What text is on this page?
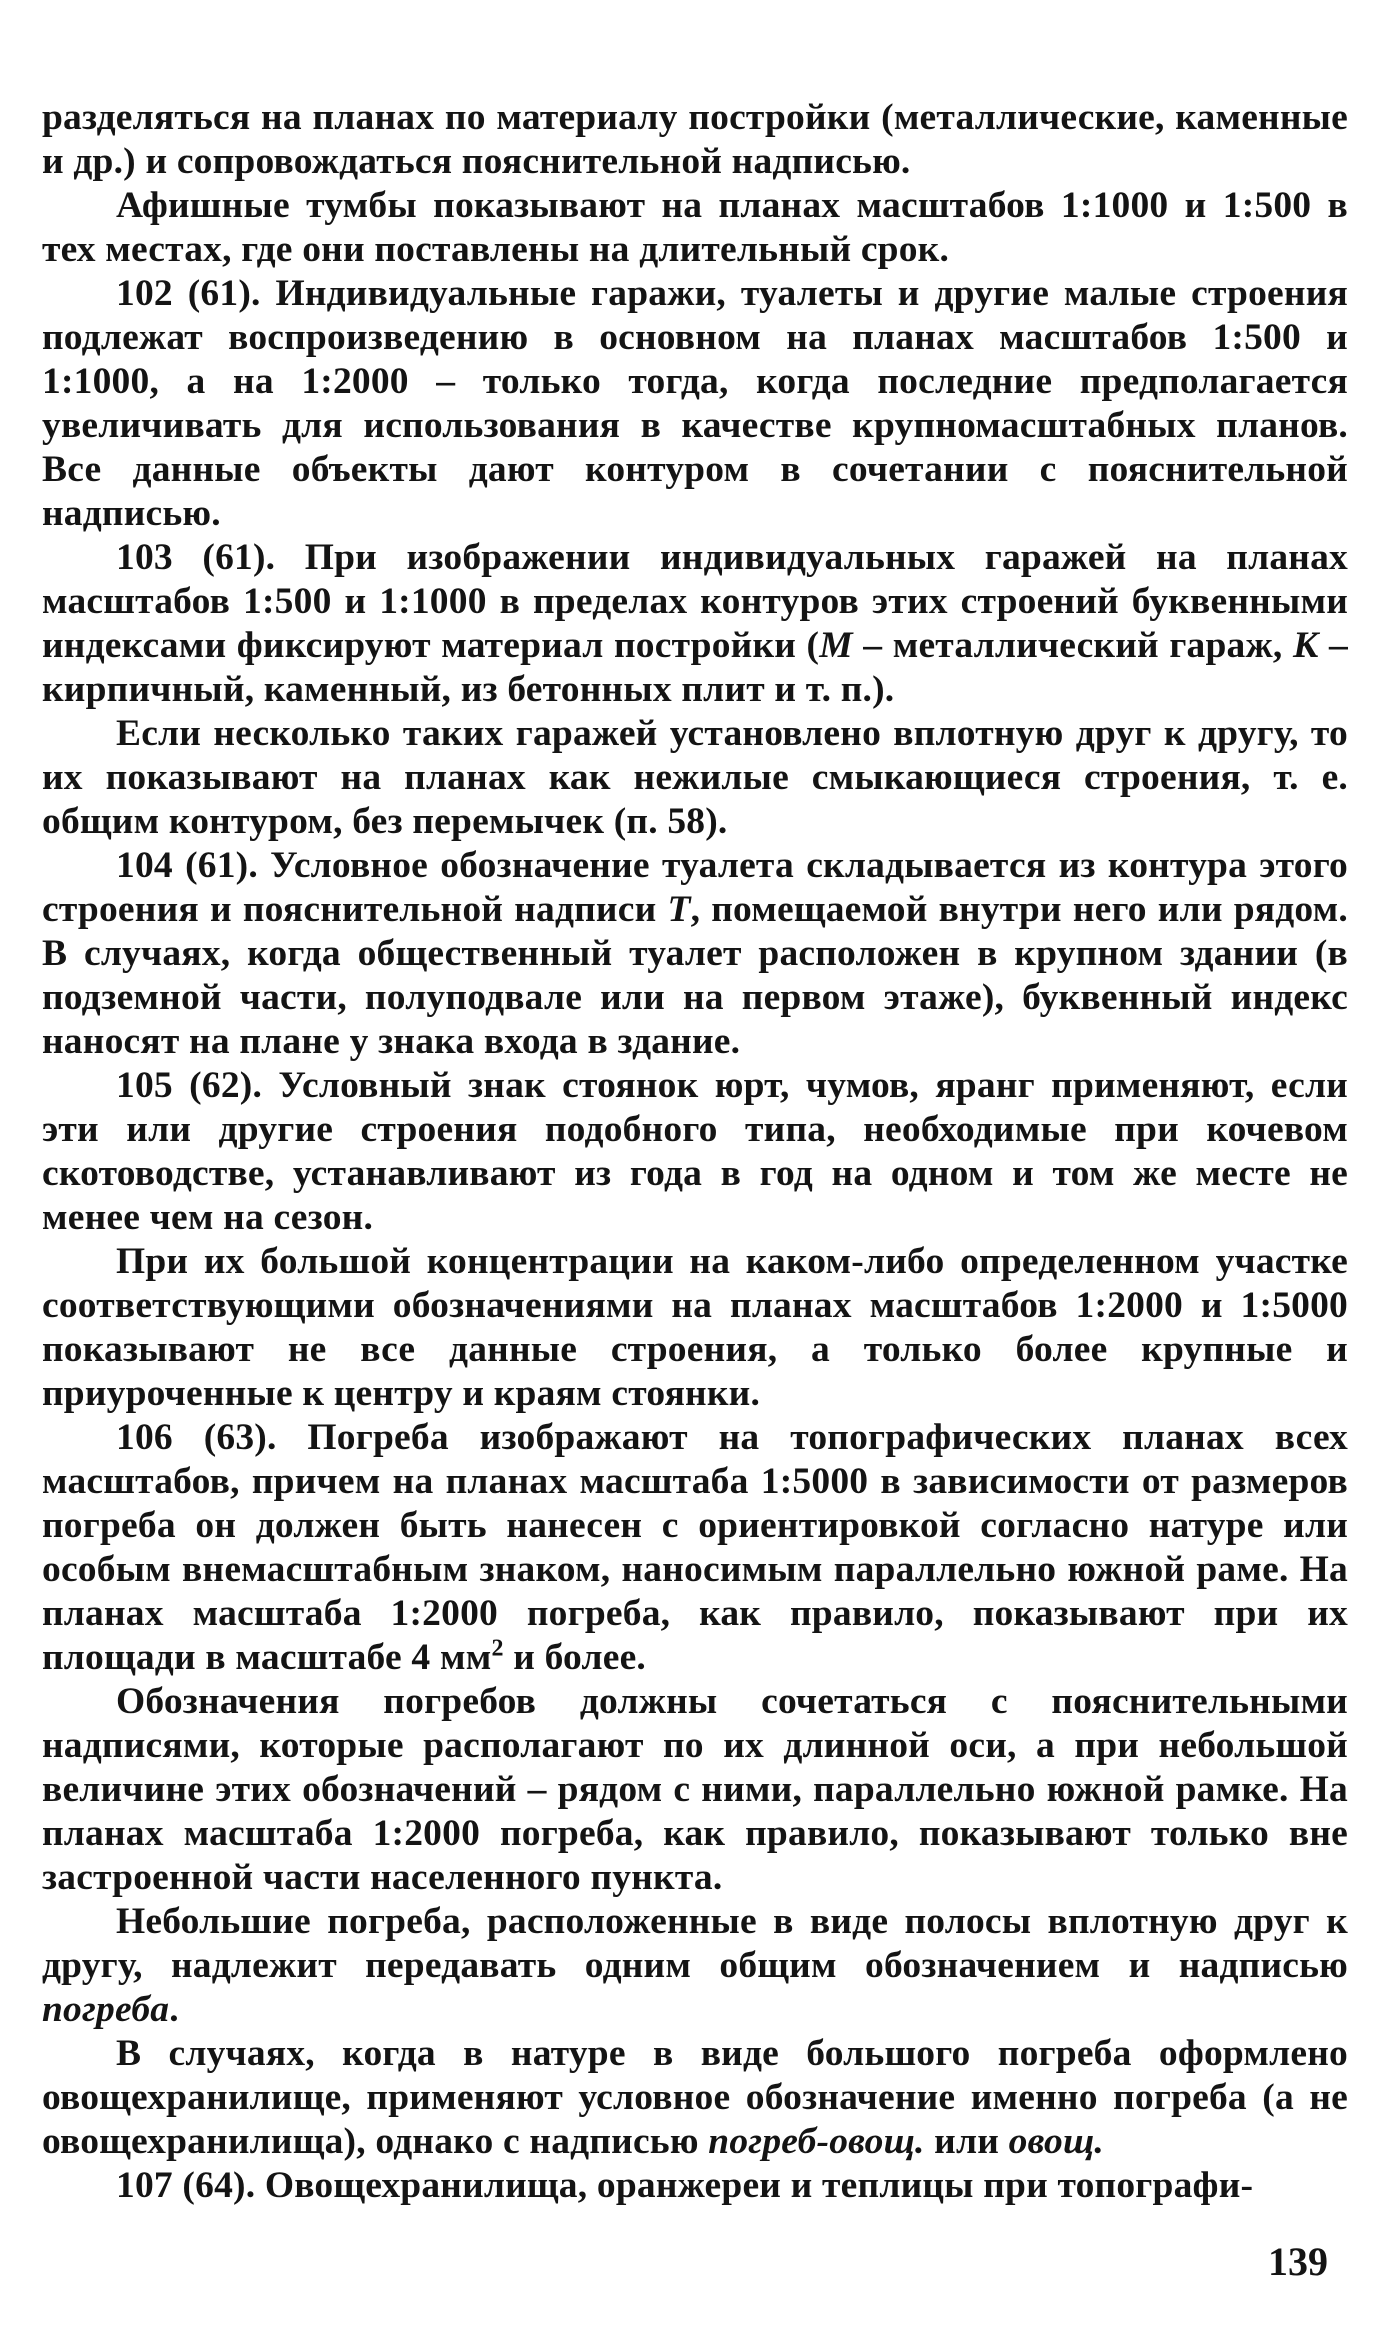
разделяться на планах по материалу постройки (металлические, каменные и др.) и сопровождаться пояснительной надписью.

Афишные тумбы показывают на планах масштабов 1:1000 и 1:500 в тех местах, где они поставлены на длительный срок.

102 (61). Индивидуальные гаражи, туалеты и другие малые строения подлежат воспроизведению в основном на планах масштабов 1:500 и 1:1000, а на 1:2000 – только тогда, когда последние предполагается увеличивать для использования в качестве крупномасштабных планов. Все данные объекты дают контуром в сочетании с пояснительной надписью.

103 (61). При изображении индивидуальных гаражей на планах масштабов 1:500 и 1:1000 в пределах контуров этих строений буквенными индексами фиксируют материал постройки (М – металлический гараж, К – кирпичный, каменный, из бетонных плит и т. п.).

Если несколько таких гаражей установлено вплотную друг к другу, то их показывают на планах как нежилые смыкающиеся строения, т. е. общим контуром, без перемычек (п. 58).

104 (61). Условное обозначение туалета складывается из контура этого строения и пояснительной надписи Т, помещаемой внутри него или рядом. В случаях, когда общественный туалет расположен в крупном здании (в подземной части, полуподвале или на первом этаже), буквенный индекс наносят на плане у знака входа в здание.

105 (62). Условный знак стоянок юрт, чумов, яранг применяют, если эти или другие строения подобного типа, необходимые при кочевом скотоводстве, устанавливают из года в год на одном и том же месте не менее чем на сезон.

При их большой концентрации на каком-либо определенном участке соответствующими обозначениями на планах масштабов 1:2000 и 1:5000 показывают не все данные строения, а только более крупные и приуроченные к центру и краям стоянки.

106 (63). Погреба изображают на топографических планах всех масштабов, причем на планах масштаба 1:5000 в зависимости от размеров погреба он должен быть нанесен с ориентировкой согласно натуре или особым внемасштабным знаком, наносимым параллельно южной раме. На планах масштаба 1:2000 погреба, как правило, показывают при их площади в масштабе 4 $мм^2$ и более.

Обозначения погребов должны сочетаться с пояснительными надписями, которые располагают по их длинной оси, а при небольшой величине этих обозначений – рядом с ними, параллельно южной рамке. На планах масштаба 1:2000 погреба, как правило, показывают только вне застроенной части населенного пункта.

Небольшие погреба, расположенные в виде полосы вплотную друг к другу, надлежит передавать одним общим обозначением и надписью погреба.

В случаях, когда в натуре в виде большого погреба оформлено овощехранилище, применяют условное обозначение именно погреба (а не овощехранилища), однако с надписью погреб-овощ. или овощ.

107 (64). Овощехранилища, оранжереи и теплицы при топографи-

139
